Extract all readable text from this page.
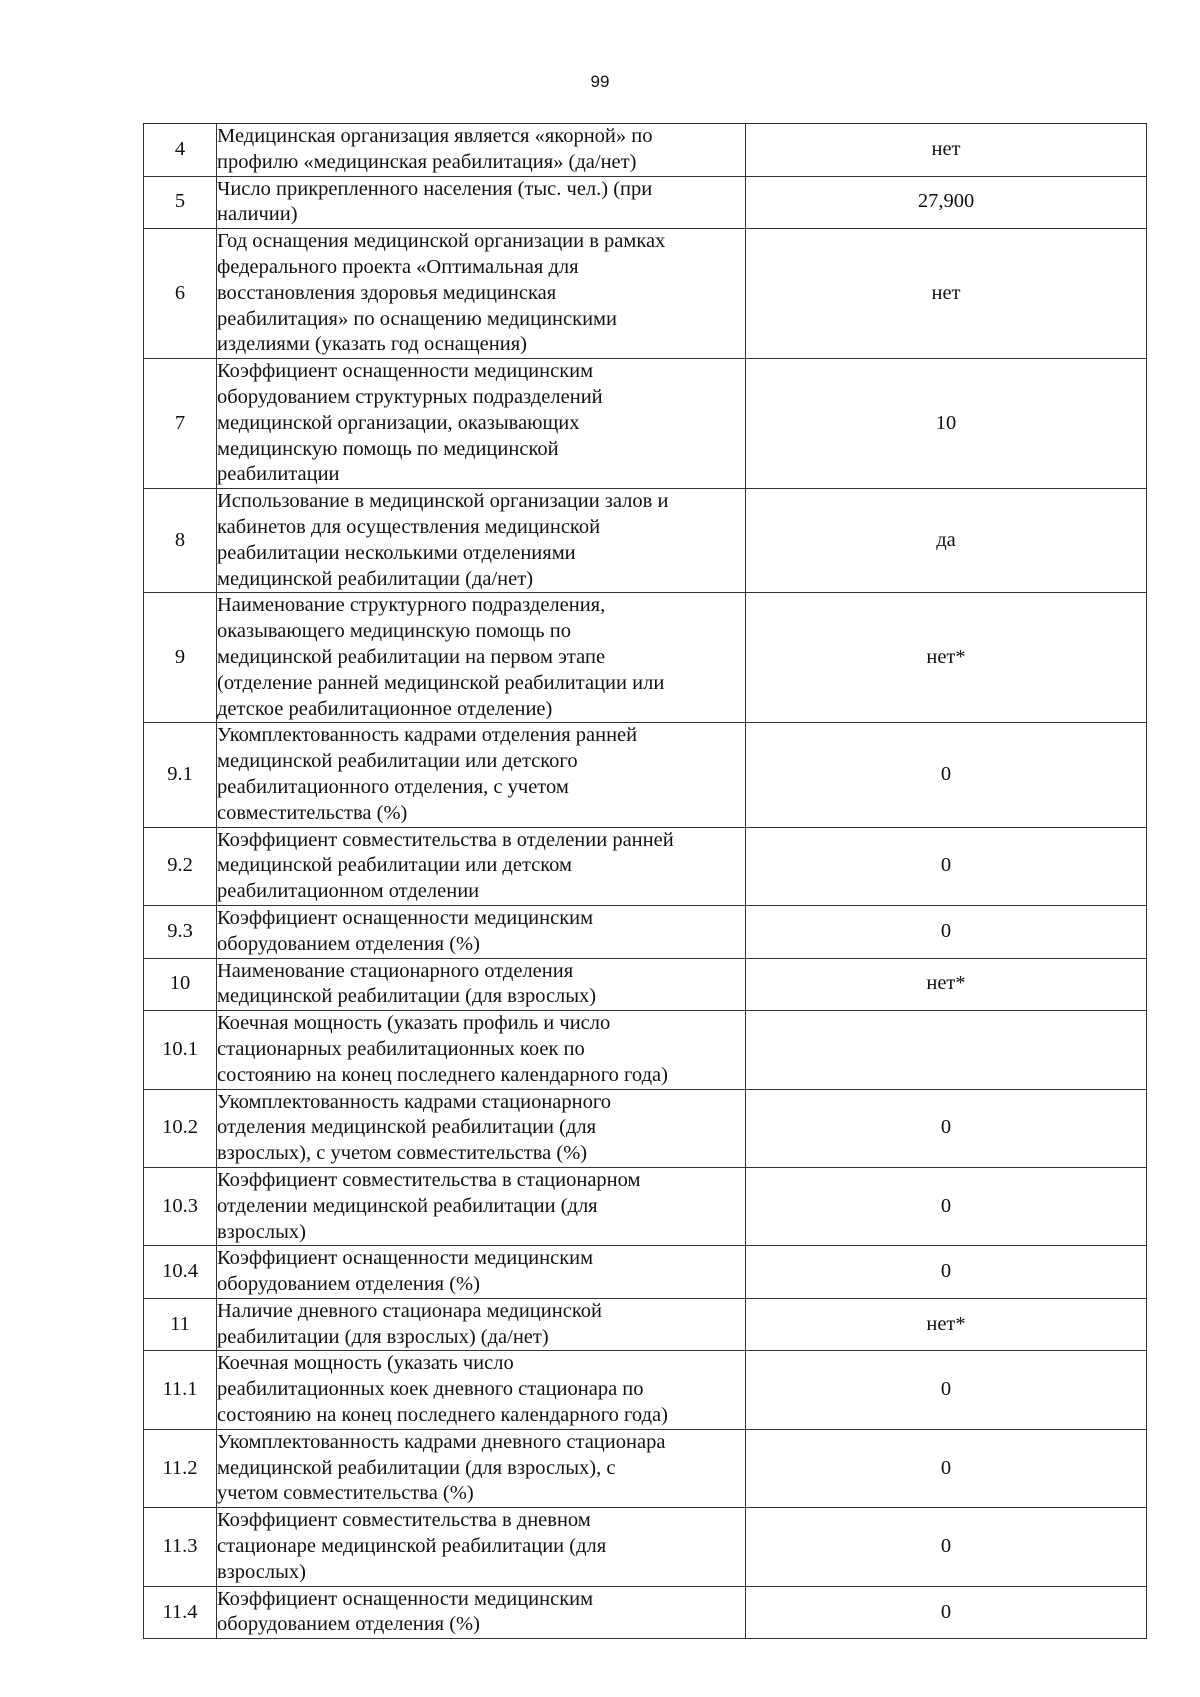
99
4	Медицинская организация является «якорной» по
профилю «медицинская реабилитация» (да/нет)	нет
5	Число прикрепленного населения (тыс. чел.) (при
наличии)	27,900
6	Год оснащения медицинской организации в рамках
федерального проекта «Оптимальная для
восстановления здоровья медицинская
реабилитация» по оснащению медицинскими
изделиями (указать год оснащения)	нет
7	Коэффициент оснащенности медицинским
оборудованием структурных подразделений
медицинской организации, оказывающих
медицинскую помощь по медицинской
реабилитации	10
8	Использование в медицинской организации залов и
кабинетов для осуществления медицинской
реабилитации несколькими отделениями
медицинской реабилитации (да/нет)	да
9	Наименование структурного подразделения,
оказывающего медицинскую помощь по
медицинской реабилитации на первом этапе
(отделение ранней медицинской реабилитации или
детское реабилитационное отделение)	нет*
9.1	Укомплектованность кадрами отделения ранней
медицинской реабилитации или детского
реабилитационного отделения, с учетом
совместительства (%)	0
9.2	Коэффициент совместительства в отделении ранней
медицинской реабилитации или детском
реабилитационном отделении	0
9.3	Коэффициент оснащенности медицинским
оборудованием отделения (%)	0
10	Наименование стационарного отделения
медицинской реабилитации (для взрослых)	нет*
10.1	Коечная мощность (указать профиль и число
стационарных реабилитационных коек по
состоянию на конец последнего календарного года)	

10.2	Укомплектованность кадрами стационарного
отделения медицинской реабилитации (для
взрослых), с учетом совместительства (%)	0
10.3	Коэффициент совместительства в стационарном
отделении медицинской реабилитации (для
взрослых)	0
10.4	Коэффициент оснащенности медицинским
оборудованием отделения (%)	0
11	Наличие дневного стационара медицинской
реабилитации (для взрослых) (да/нет)	нет*
11.1	Коечная мощность (указать число
реабилитационных коек дневного стационара по
состоянию на конец последнего календарного года)	0
11.2	Укомплектованность кадрами дневного стационара
медицинской реабилитации (для взрослых), с
учетом совместительства (%)	0
11.3	Коэффициент совместительства в дневном
стационаре медицинской реабилитации (для
взрослых)	0
11.4	Коэффициент оснащенности медицинским
оборудованием отделения (%)	0
